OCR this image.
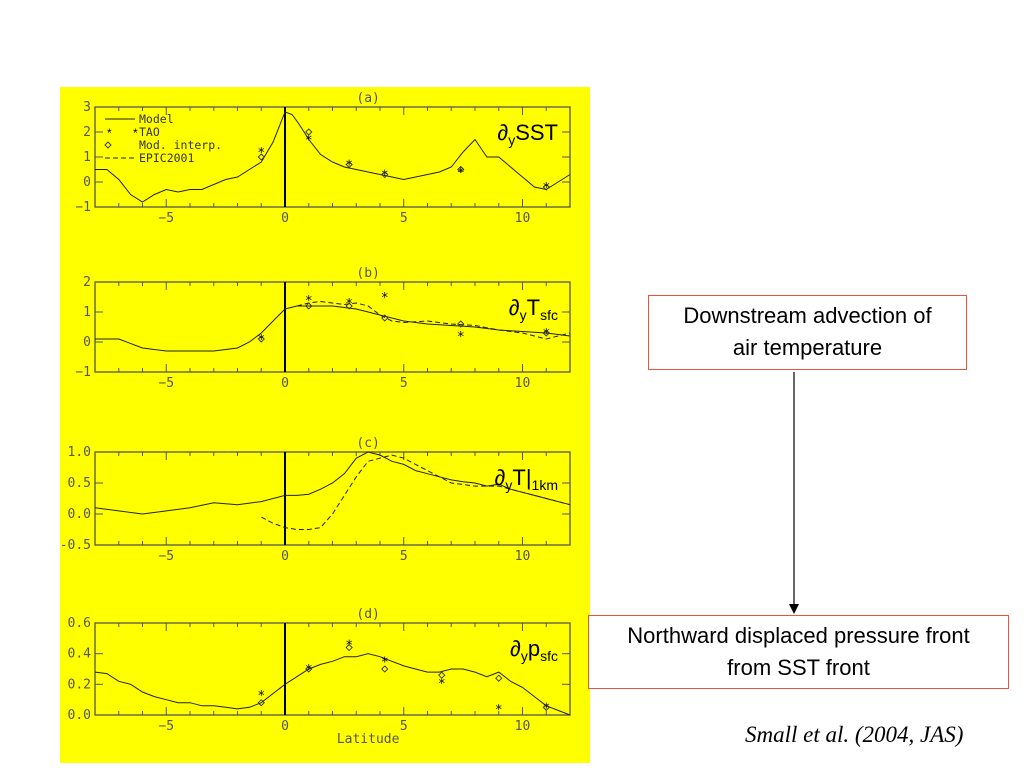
(a)
−5	0	5	10
−1
0
1
2
3
*
*
*
*	*
*
$\partial_ySST$
Model
* * TAO
Mod. interp.
EPIC2001
(b)
−5	0	5	10
−1
0
1
2
*
*	* *
*	*
$\partial_yT_{sfc}$
(c)
−5	0	5	10
-0.5
0.0
0.5
1.0
$\partial_yT|_{1km}$
(d)
−5	0	5	10
0.0
0.2
0.4
0.6
*
*
*
*
*
*	*
$\partial_yp_{sfc}$
Latitude
Downstream advection of
air temperature
Northward displaced pressure front
from SST front
Small et al. (2004, JAS)
